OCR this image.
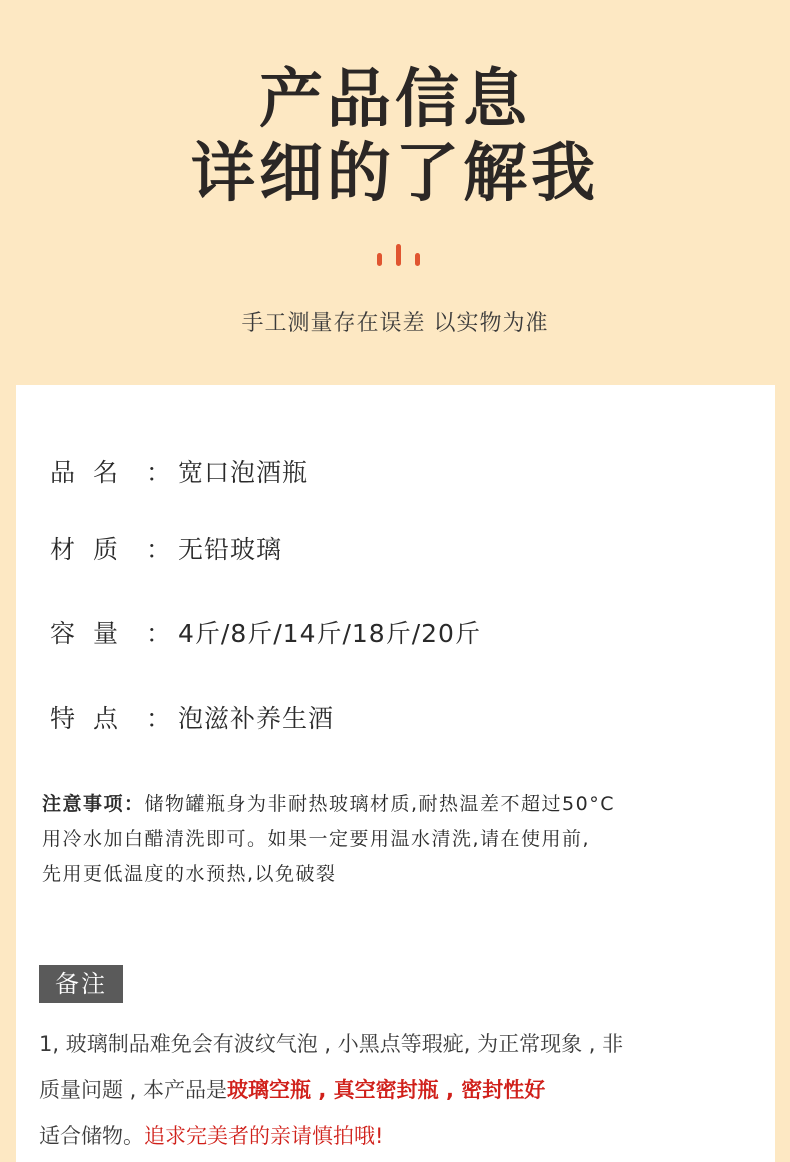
产品信息
详细的了解我
手工测量存在误差 以实物为准
品名 ： 宽口泡酒瓶
材质 ： 无铅玻璃
容量 ： 4斤/8斤/14斤/18斤/20斤
特点 ： 泡滋补养生酒
注意事项：储物罐瓶身为非耐热玻璃材质,耐热温差不超过50°C
用冷水加白醋清洗即可。如果一定要用温水清洗,请在使用前,
先用更低温度的水预热,以免破裂
备注
1, 玻璃制品难免会有波纹气泡 , 小黑点等瑕疵, 为正常现象 , 非
质量问题 , 本产品是玻璃空瓶 , 真空密封瓶 , 密封性好
适合储物。追求完美者的亲请慎拍哦!
